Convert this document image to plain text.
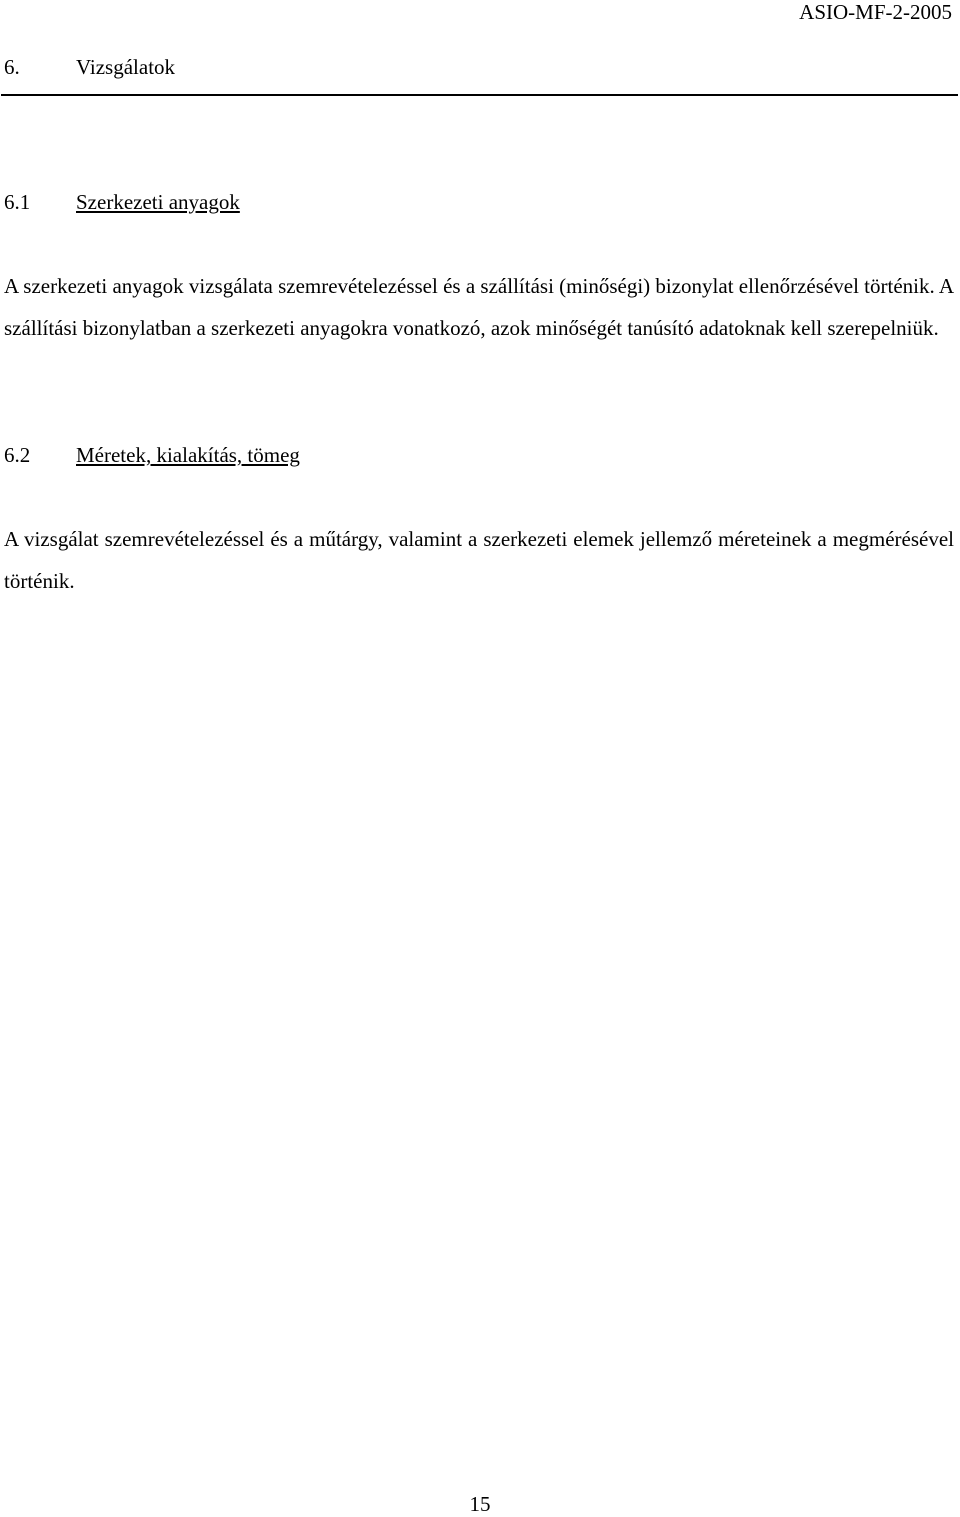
ASIO-MF-2-2005
6.	Vizsgálatok
6.1 Szerkezeti anyagok

A szerkezeti anyagok vizsgálata szemrevételezéssel és a szállítási (minőségi) bizonylat ellenőrzésével történik. A szállítási bizonylatban a szerkezeti anyagokra vonatkozó, azok minőségét tanúsító adatoknak kell szerepelniük.

6.2 Méretek, kialakítás, tömeg

A vizsgálat szemrevételezéssel és a műtárgy, valamint a szerkezeti elemek jellemző méreteinek a megmérésével történik.

15
